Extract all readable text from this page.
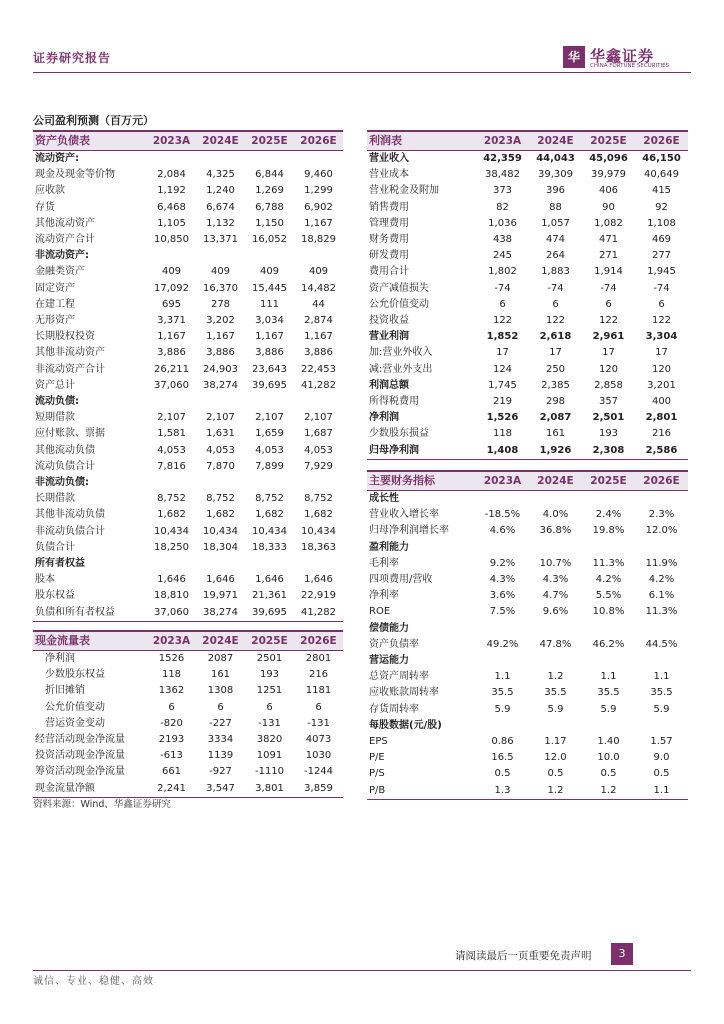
证券研究报告	华 华鑫证券
CHINA FORTUNE SECURITIES
公司盈利预测（百万元）
资产负债表	2023A	2024E	2025E	2026E
流动资产:				
现金及现金等价物	2,084	4,325	6,844	9,460
应收款	1,192	1,240	1,269	1,299
存货	6,468	6,674	6,788	6,902
其他流动资产	1,105	1,132	1,150	1,167
流动资产合计	10,850	13,371	16,052	18,829
非流动资产:				
金融类资产	409	409	409	409
固定资产	17,092	16,370	15,445	14,482
在建工程	695	278	111	44
无形资产	3,371	3,202	3,034	2,874
长期股权投资	1,167	1,167	1,167	1,167
其他非流动资产	3,886	3,886	3,886	3,886
非流动资产合计	26,211	24,903	23,643	22,453
资产总计	37,060	38,274	39,695	41,282
流动负债:				
短期借款	2,107	2,107	2,107	2,107
应付账款、票据	1,581	1,631	1,659	1,687
其他流动负债	4,053	4,053	4,053	4,053
流动负债合计	7,816	7,870	7,899	7,929
非流动负债:				
长期借款	8,752	8,752	8,752	8,752
其他非流动负债	1,682	1,682	1,682	1,682
非流动负债合计	10,434	10,434	10,434	10,434
负债合计	18,250	18,304	18,333	18,363
所有者权益				
股本	1,646	1,646	1,646	1,646
股东权益	18,810	19,971	21,361	22,919
负债和所有者权益	37,060	38,274	39,695	41,282
利润表	2023A	2024E	2025E	2026E
营业收入	42,359	44,043	45,096	46,150
营业成本	38,482	39,309	39,979	40,649
营业税金及附加	373	396	406	415
销售费用	82	88	90	92
管理费用	1,036	1,057	1,082	1,108
财务费用	438	474	471	469
研发费用	245	264	271	277
费用合计	1,802	1,883	1,914	1,945
资产减值损失	-74	-74	-74	-74
公允价值变动	6	6	6	6
投资收益	122	122	122	122
营业利润	1,852	2,618	2,961	3,304
加:营业外收入	17	17	17	17
减:营业外支出	124	250	120	120
利润总额	1,745	2,385	2,858	3,201
所得税费用	219	298	357	400
净利润	1,526	2,087	2,501	2,801
少数股东损益	118	161	193	216
归母净利润	1,408	1,926	2,308	2,586
主要财务指标	2023A	2024E	2025E	2026E
成长性				
营业收入增长率	-18.5%	4.0%	2.4%	2.3%
归母净利润增长率	4.6%	36.8%	19.8%	12.0%
盈利能力				
毛利率	9.2%	10.7%	11.3%	11.9%
四项费用/营收	4.3%	4.3%	4.2%	4.2%
净利率	3.6%	4.7%	5.5%	6.1%
ROE	7.5%	9.6%	10.8%	11.3%
偿债能力				
资产负债率	49.2%	47.8%	46.2%	44.5%
营运能力				
总资产周转率	1.1	1.2	1.1	1.1
应收账款周转率	35.5	35.5	35.5	35.5
存货周转率	5.9	5.9	5.9	5.9
每股数据(元/股)				
EPS	0.86	1.17	1.40	1.57
P/E	16.5	12.0	10.0	9.0
P/S	0.5	0.5	0.5	0.5
P/B	1.3	1.2	1.2	1.1
现金流量表	2023A	2024E	2025E	2026E
净利润	1526	2087	2501	2801
少数股东权益	118	161	193	216
折旧摊销	1362	1308	1251	1181
公允价值变动	6	6	6	6
营运资金变动	-820	-227	-131	-131
经营活动现金净流量	2193	3334	3820	4073
投资活动现金净流量	-613	1139	1091	1030
筹资活动现金净流量	661	-927	-1110	-1244
现金流量净额	2,241	3,547	3,801	3,859
资料来源：Wind、华鑫证券研究
请阅读最后一页重要免责声明	3
诚信、专业、稳健、高效
